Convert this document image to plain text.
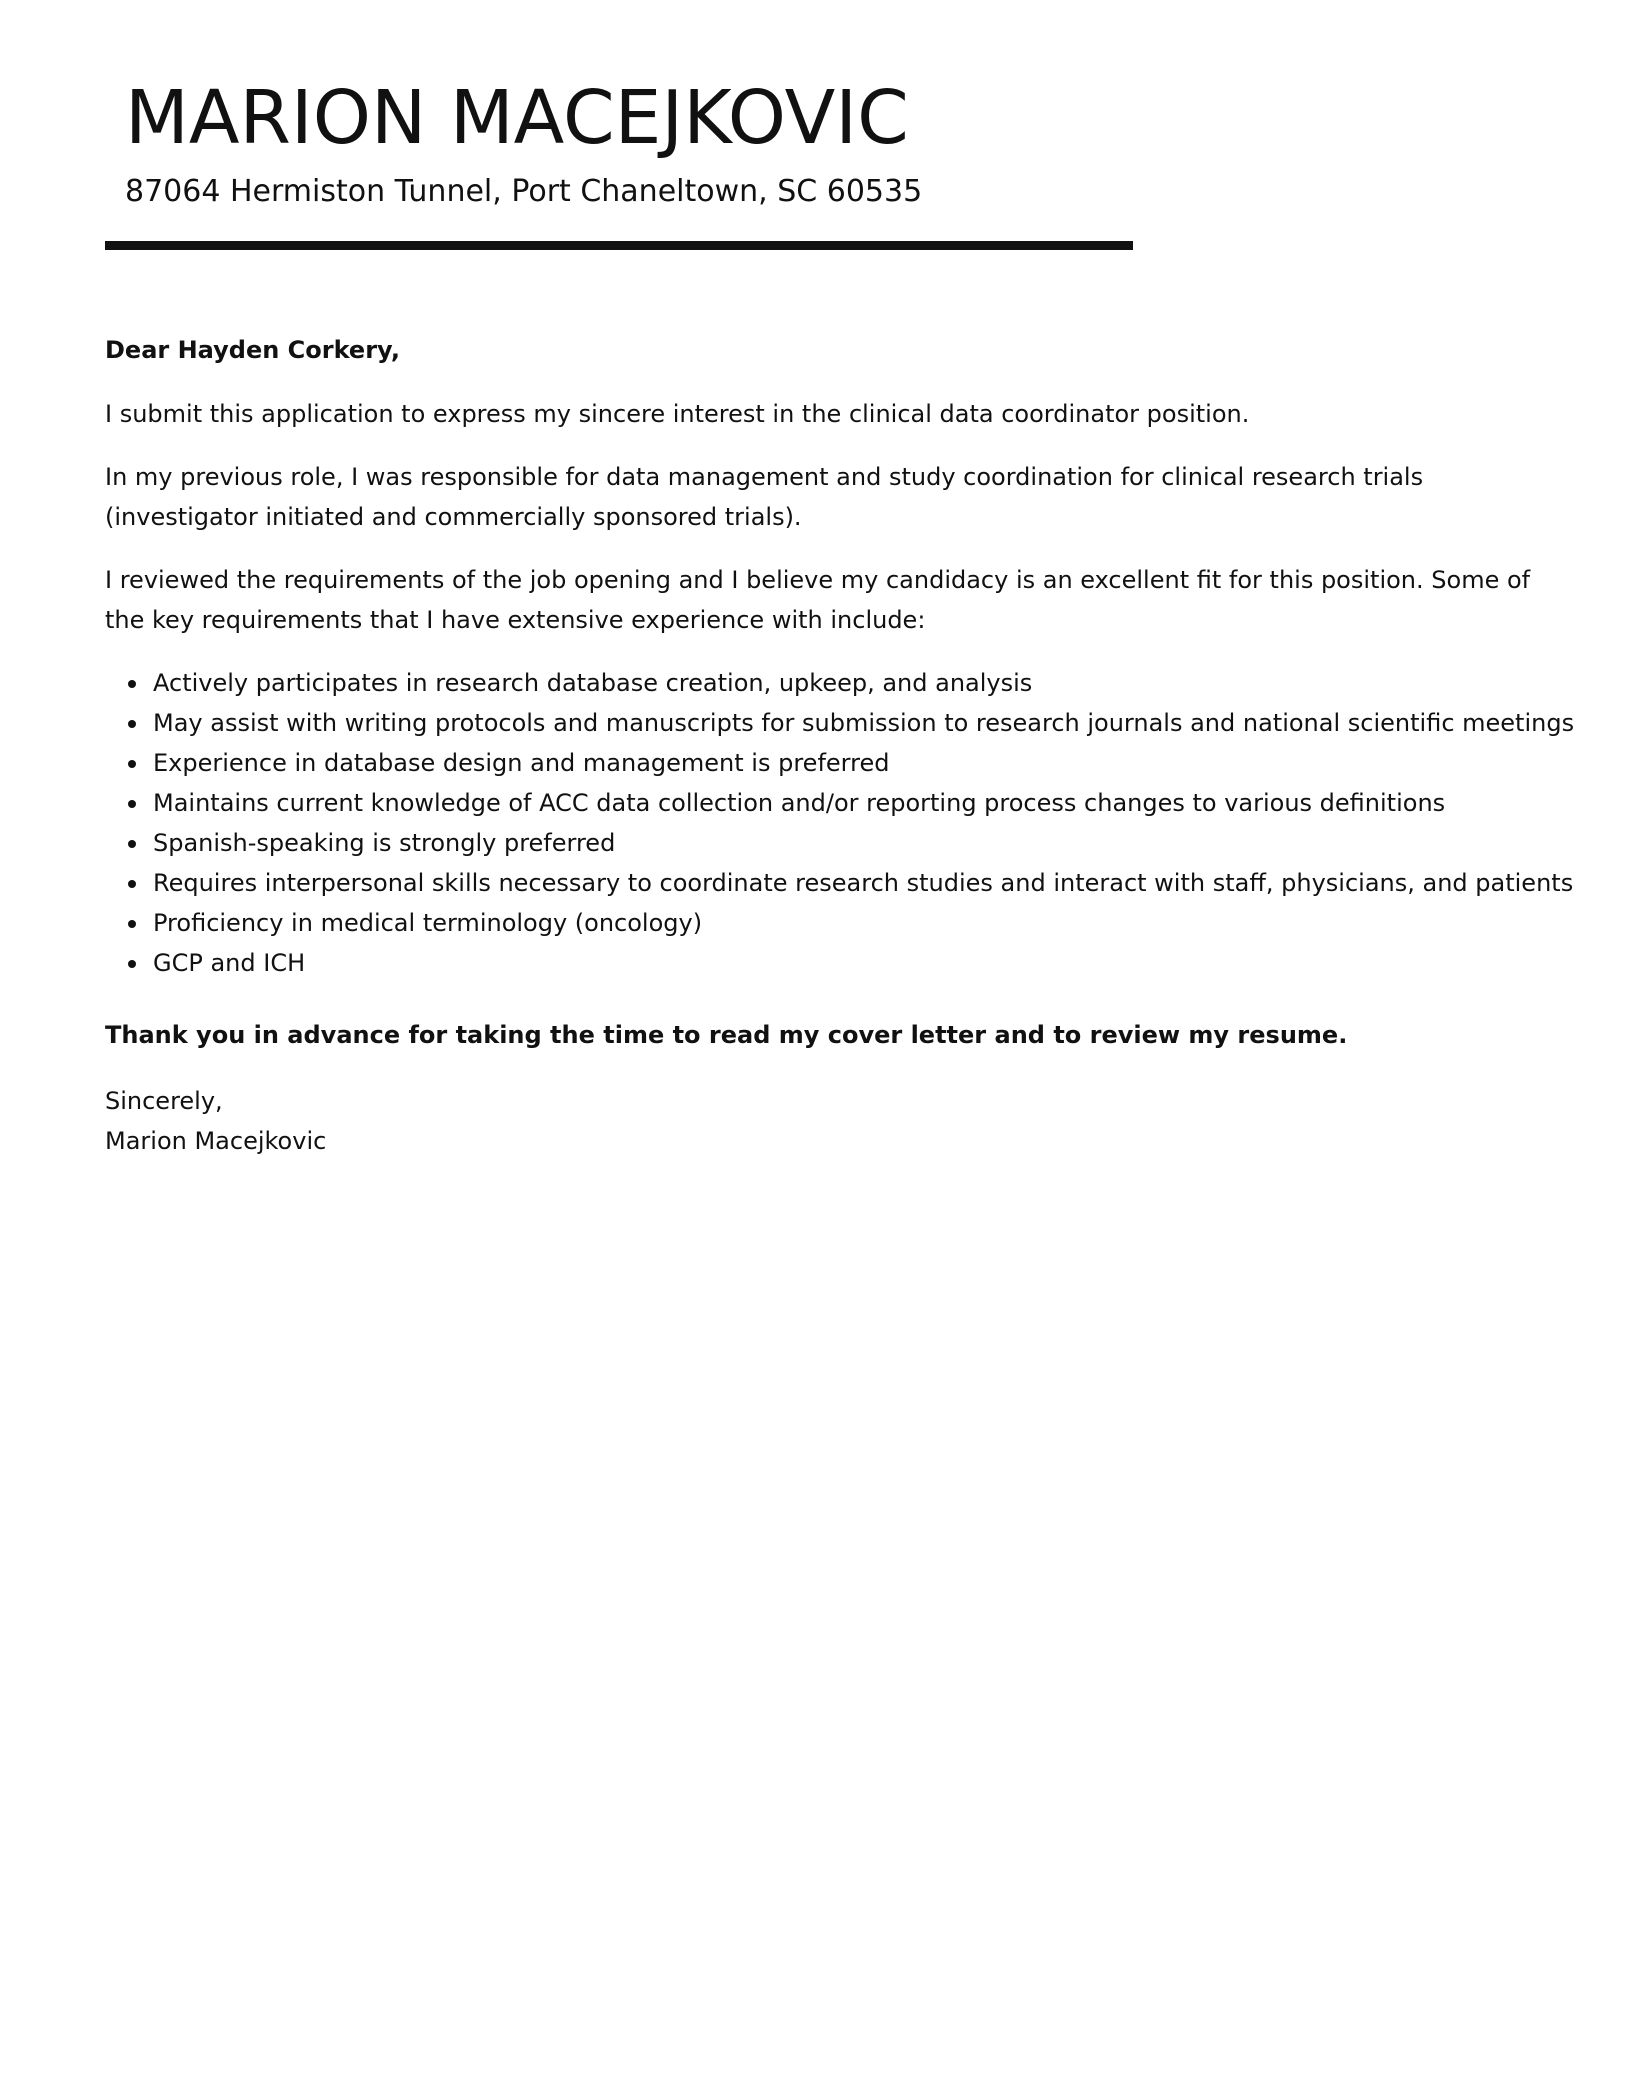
MARION MACEJKOVIC
87064 Hermiston Tunnel, Port Chaneltown, SC 60535
Dear Hayden Corkery,
I submit this application to express my sincere interest in the clinical data coordinator position.
In my previous role, I was responsible for data management and study coordination for clinical research trials (investigator initiated and commercially sponsored trials).
I reviewed the requirements of the job opening and I believe my candidacy is an excellent fit for this position. Some of the key requirements that I have extensive experience with include:
Actively participates in research database creation, upkeep, and analysis
May assist with writing protocols and manuscripts for submission to research journals and national scientific meetings
Experience in database design and management is preferred
Maintains current knowledge of ACC data collection and/or reporting process changes to various definitions
Spanish-speaking is strongly preferred
Requires interpersonal skills necessary to coordinate research studies and interact with staff, physicians, and patients
Proficiency in medical terminology (oncology)
GCP and ICH
Thank you in advance for taking the time to read my cover letter and to review my resume.
Sincerely,
Marion Macejkovic
